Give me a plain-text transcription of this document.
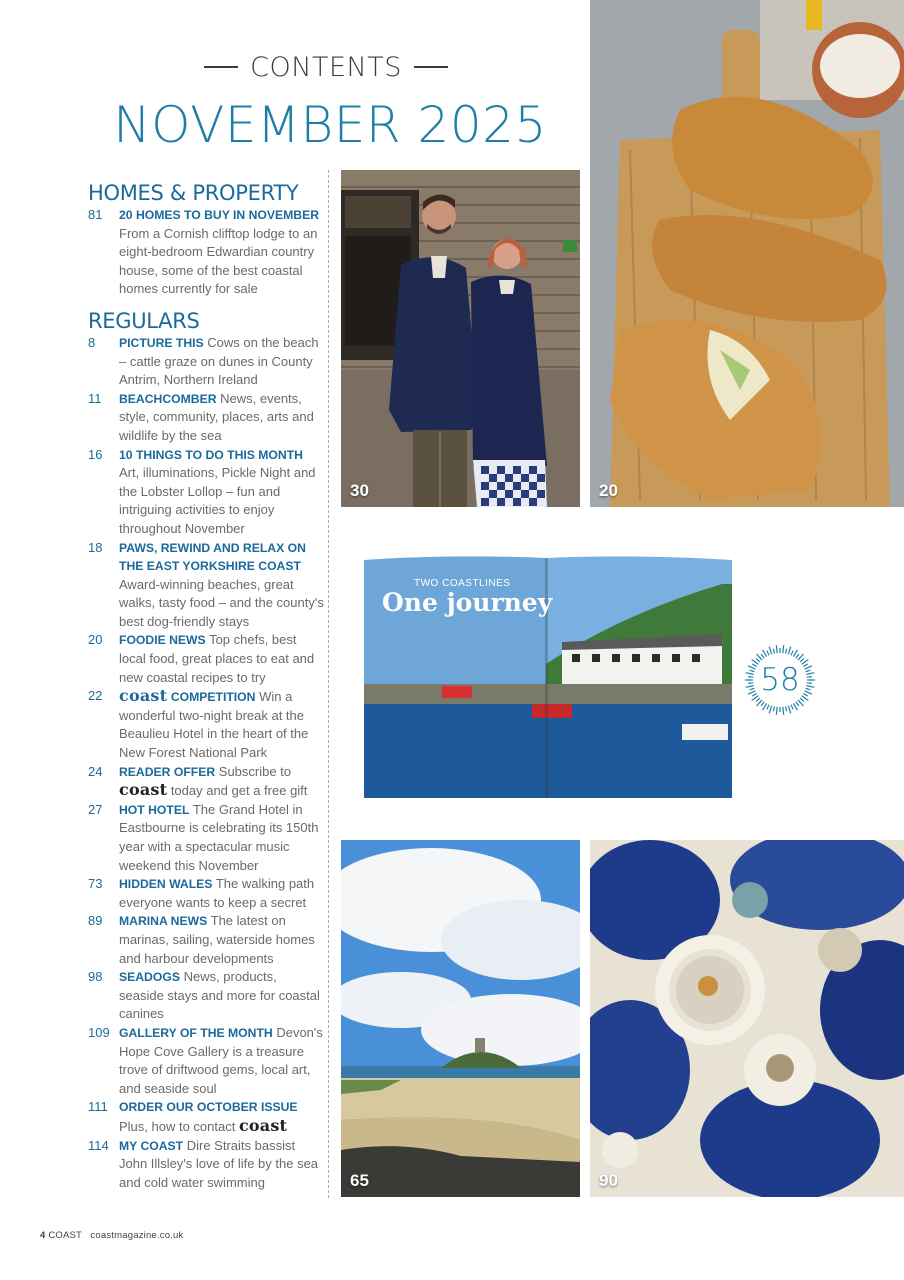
CONTENTS
NOVEMBER 2025
HOMES & PROPERTY
81 20 HOMES TO BUY IN NOVEMBER From a Cornish clifftop lodge to an eight-bedroom Edwardian country house, some of the best coastal homes currently for sale
REGULARS
8 PICTURE THIS Cows on the beach – cattle graze on dunes in County Antrim, Northern Ireland
11 BEACHCOMBER News, events, style, community, places, arts and wildlife by the sea
16 10 THINGS TO DO THIS MONTH Art, illuminations, Pickle Night and the Lobster Lollop – fun and intriguing activities to enjoy throughout November
18 PAWS, REWIND AND RELAX ON THE EAST YORKSHIRE COAST Award-winning beaches, great walks, tasty food – and the county's best dog-friendly stays
20 FOODIE NEWS Top chefs, best local food, great places to eat and new coastal recipes to try
22 coast COMPETITION Win a wonderful two-night break at the Beaulieu Hotel in the heart of the New Forest National Park
24 READER OFFER Subscribe to coast today and get a free gift
27 HOT HOTEL The Grand Hotel in Eastbourne is celebrating its 150th year with a spectacular music weekend this November
73 HIDDEN WALES The walking path everyone wants to keep a secret
89 MARINA NEWS The latest on marinas, sailing, waterside homes and harbour developments
98 SEADOGS News, products, seaside stays and more for coastal canines
109 GALLERY OF THE MONTH Devon's Hope Cove Gallery is a treasure trove of driftwood gems, local art, and seaside soul
111 ORDER OUR OCTOBER ISSUE Plus, how to contact coast
114 MY COAST Dire Straits bassist John Illsley's love of life by the sea and cold water swimming
30	20
TWO COASTLINES
One journey
58
65	90
4 COAST coastmagazine.co.uk
